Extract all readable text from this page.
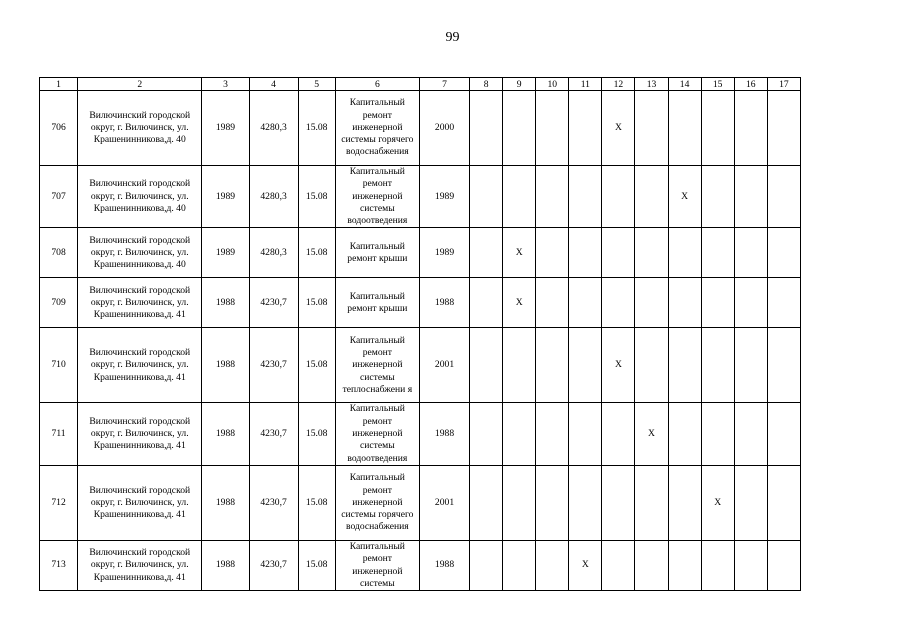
99
1	2	3	4	5	6	7	8	9	10	11	12	13	14	15	16	17
706	Вилючинский городской округ, г. Вилючинск, ул. Крашенинникова,д. 40	1989	4280,3	15.08	Капитальный ремонт инженерной системы горячего водоснабжения	2000					X					
707	Вилючинский городской округ, г. Вилючинск, ул. Крашенинникова,д. 40	1989	4280,3	15.08	Капитальный ремонт инженерной системы водоотведения	1989							X			
708	Вилючинский городской округ, г. Вилючинск, ул. Крашенинникова,д. 40	1989	4280,3	15.08	Капитальный ремонт крыши	1989		X								
709	Вилючинский городской округ, г. Вилючинск, ул. Крашенинникова,д. 41	1988	4230,7	15.08	Капитальный ремонт крыши	1988		X								
710	Вилючинский городской округ, г. Вилючинск, ул. Крашенинникова,д. 41	1988	4230,7	15.08	Капитальный ремонт инженерной системы теплоснабжени я	2001					X					
711	Вилючинский городской округ, г. Вилючинск, ул. Крашенинникова,д. 41	1988	4230,7	15.08	Капитальный ремонт инженерной системы водоотведения	1988						X				
712	Вилючинский городской округ, г. Вилючинск, ул. Крашенинникова,д. 41	1988	4230,7	15.08	Капитальный ремонт инженерной системы горячего водоснабжения	2001								X		
713	Вилючинский городской округ, г. Вилючинск, ул. Крашенинникова,д. 41	1988	4230,7	15.08	Капитальный ремонт инженерной системы	1988				X						
